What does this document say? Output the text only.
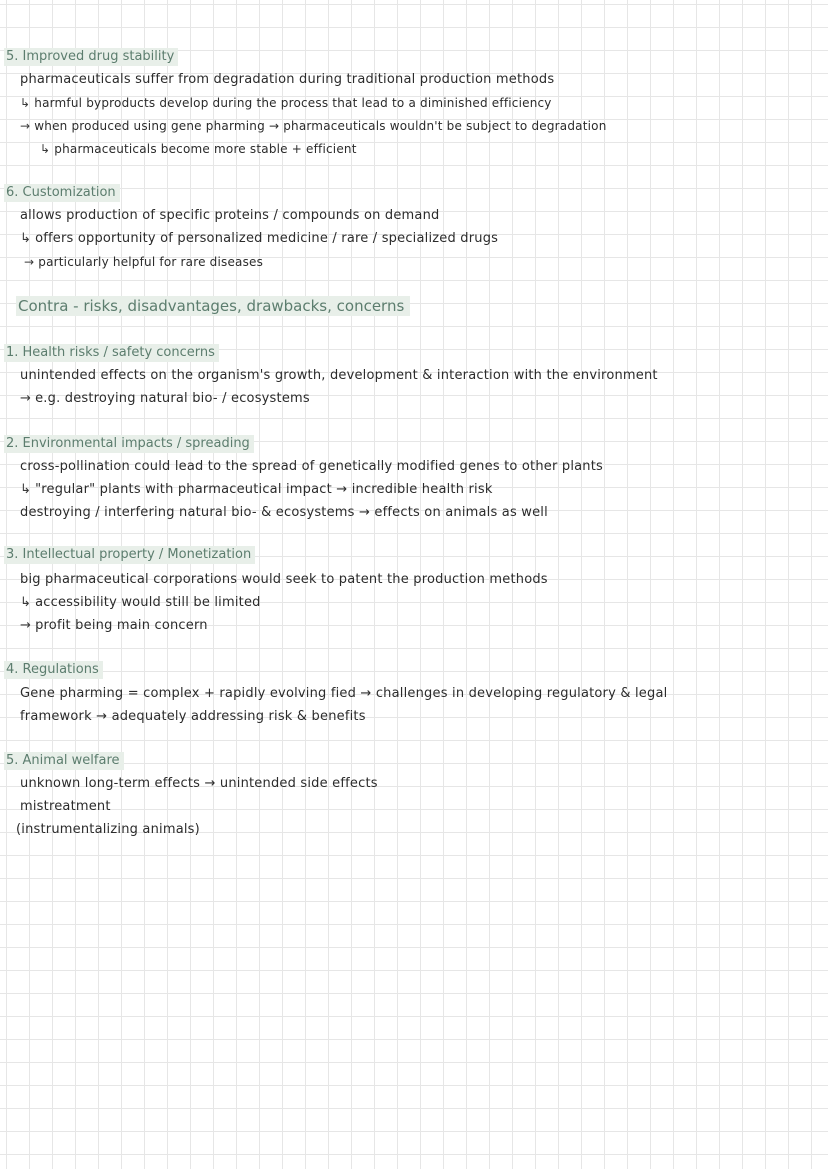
5. Improved drug stability
pharmaceuticals suffer from degradation during traditional production methods
↳ harmful byproducts develop during the process that lead to a diminished efficiency
→ when produced using gene pharming → pharmaceuticals wouldn't be subject to degradation
↳ pharmaceuticals become more stable + efficient
6. Customization
allows production of specific proteins / compounds on demand
↳ offers opportunity of personalized medicine / rare / specialized drugs
→ particularly helpful for rare diseases
Contra - risks, disadvantages, drawbacks, concerns
1. Health risks / safety concerns
unintended effects on the organism's growth, development & interaction with the environment
→ e.g. destroying natural bio- / ecosystems
2. Environmental impacts / spreading
cross-pollination could lead to the spread of genetically modified genes to other plants
↳ "regular" plants with pharmaceutical impact → incredible health risk
destroying / interfering natural bio- & ecosystems → effects on animals as well
3. Intellectual property / Monetization
big pharmaceutical corporations would seek to patent the production methods
↳ accessibility would still be limited
→ profit being main concern
4. Regulations
Gene pharming = complex + rapidly evolving fied → challenges in developing regulatory & legal
framework → adequately addressing risk & benefits
5. Animal welfare
unknown long-term effects → unintended side effects
mistreatment
(instrumentalizing animals)
